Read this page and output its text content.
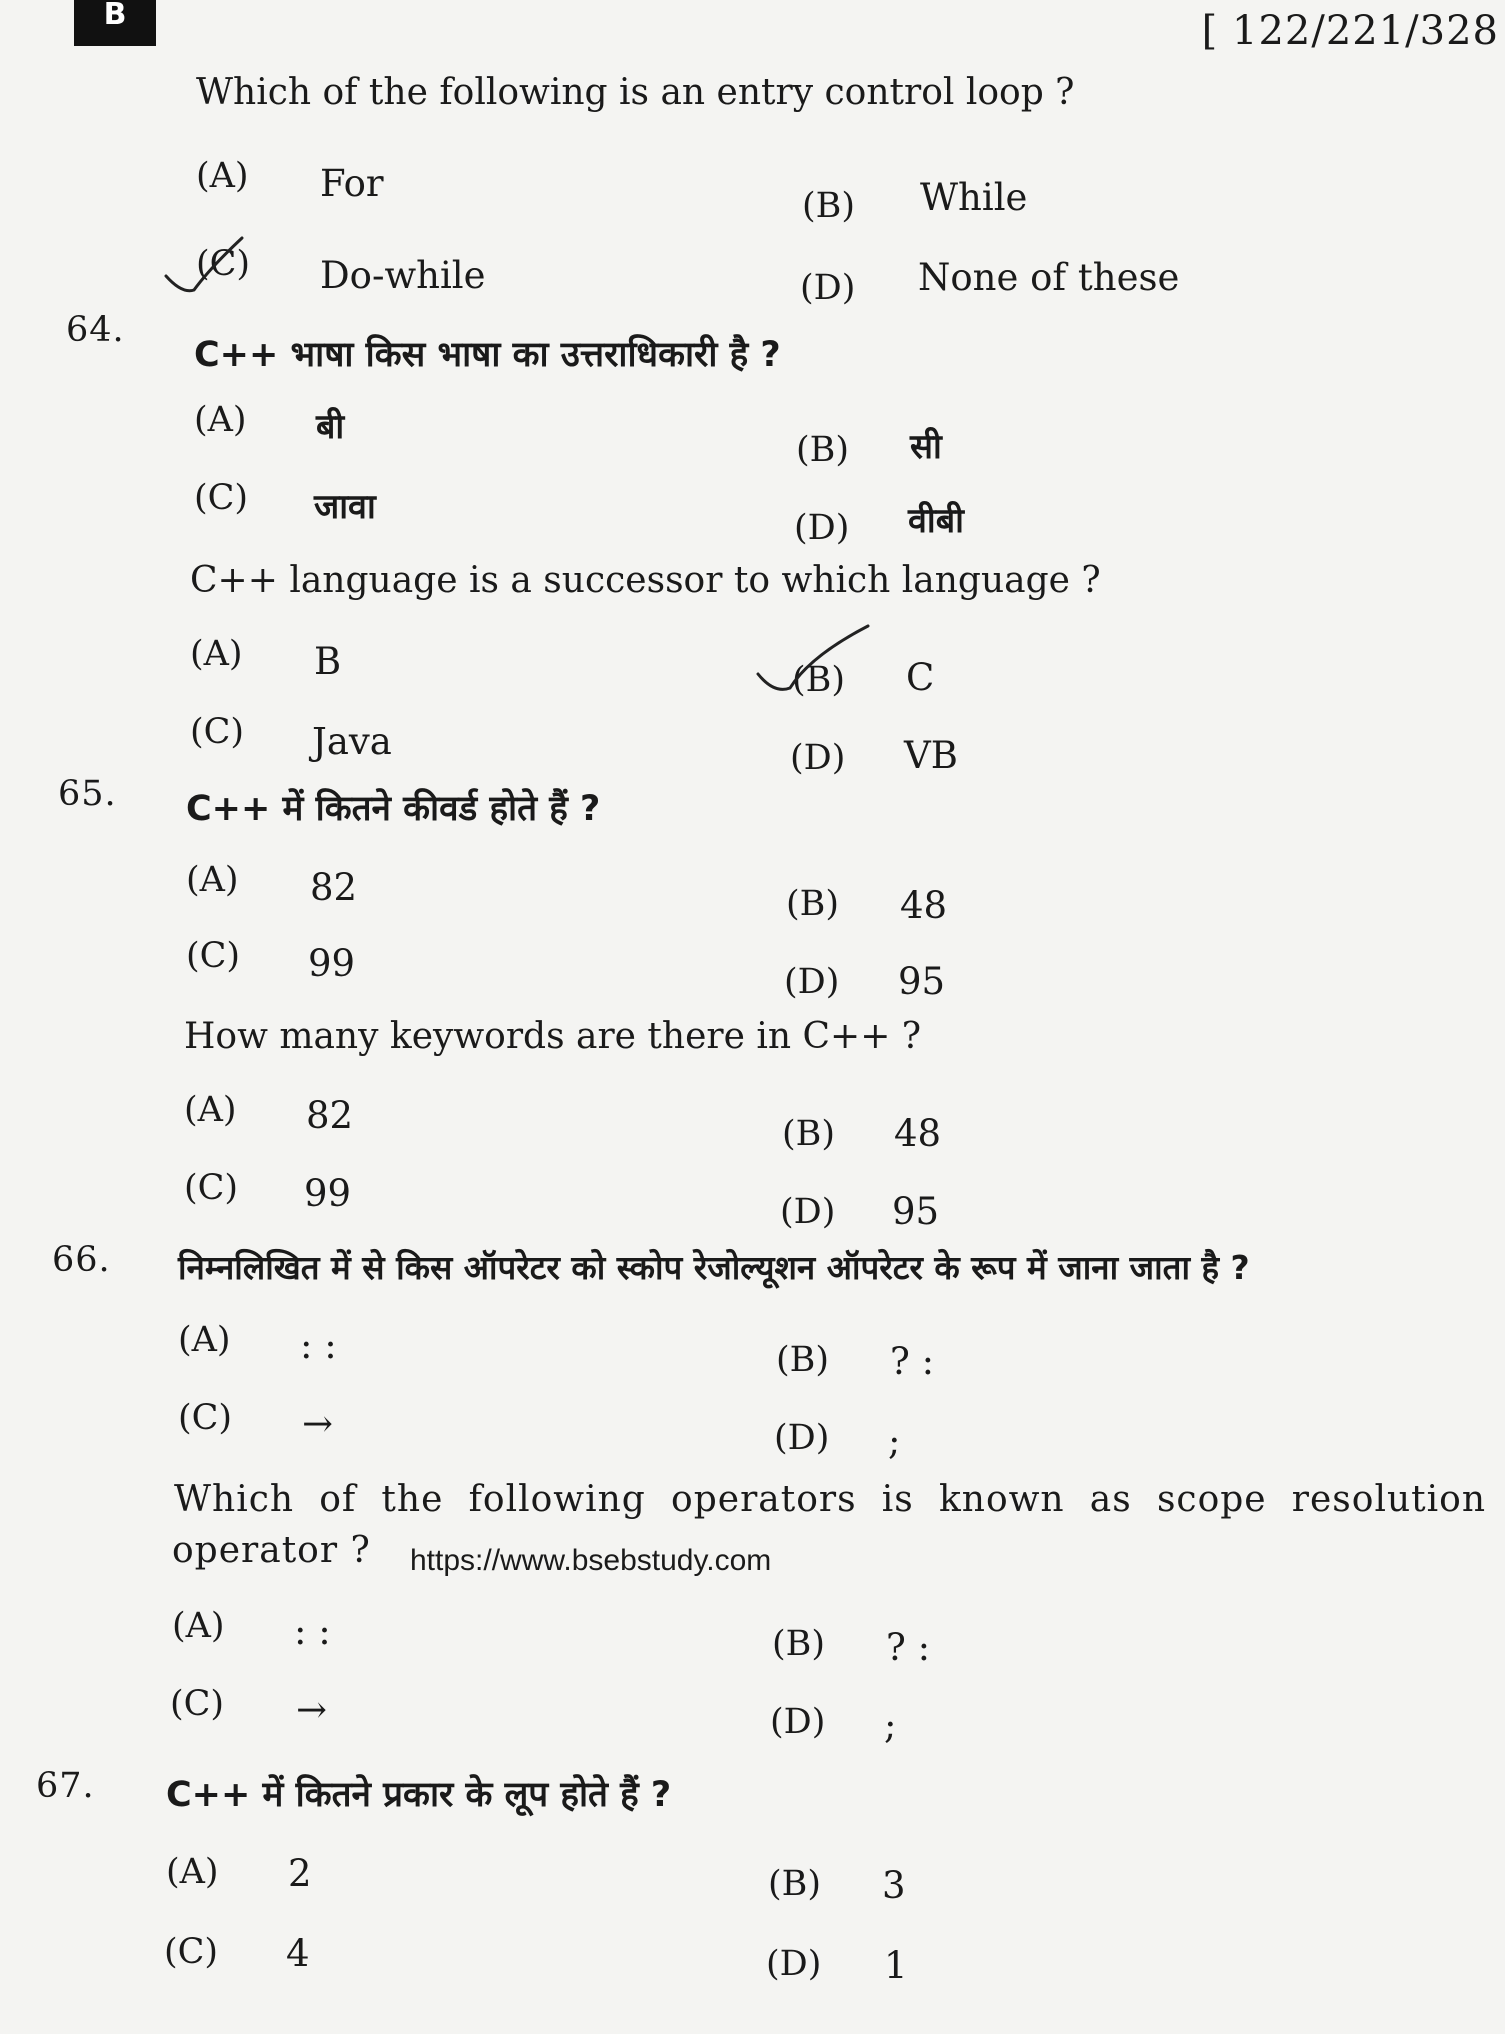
B	[ 122/221/328
Which of the following is an entry control loop ?
(A) For
(B) While
(C) Do-while	(D) None of these
64.
C++ भाषा किस भाषा का उत्तराधिकारी है ?
(A) बी
(B) सी
(C) जावा
(D) वीबी
C++ language is a successor to which language ?
(A) B	(B) C
(C) Java	(D) VB
65. C++ में कितने कीवर्ड होते हैं ?
(A) 82	(B) 48
(C) 99	(D) 95
How many keywords are there in C++ ?
(A) 82	(B) 48
(C) 99	(D) 95
66. निम्नलिखित में से किस ऑपरेटर को स्कोप रेजोल्यूशन ऑपरेटर के रूप में जाना जाता है ?
(A) : :	(B) ? :
(C) →	(D) ;
Which of the following operators is known as scope resolution
operator ? https://www.bsebstudy.com
(A) : :	(B) ? :
(C) →	(D) ;
67. C++ में कितने प्रकार के लूप होते हैं ?
(A) 2	(B) 3
(C) 4	(D) 1
